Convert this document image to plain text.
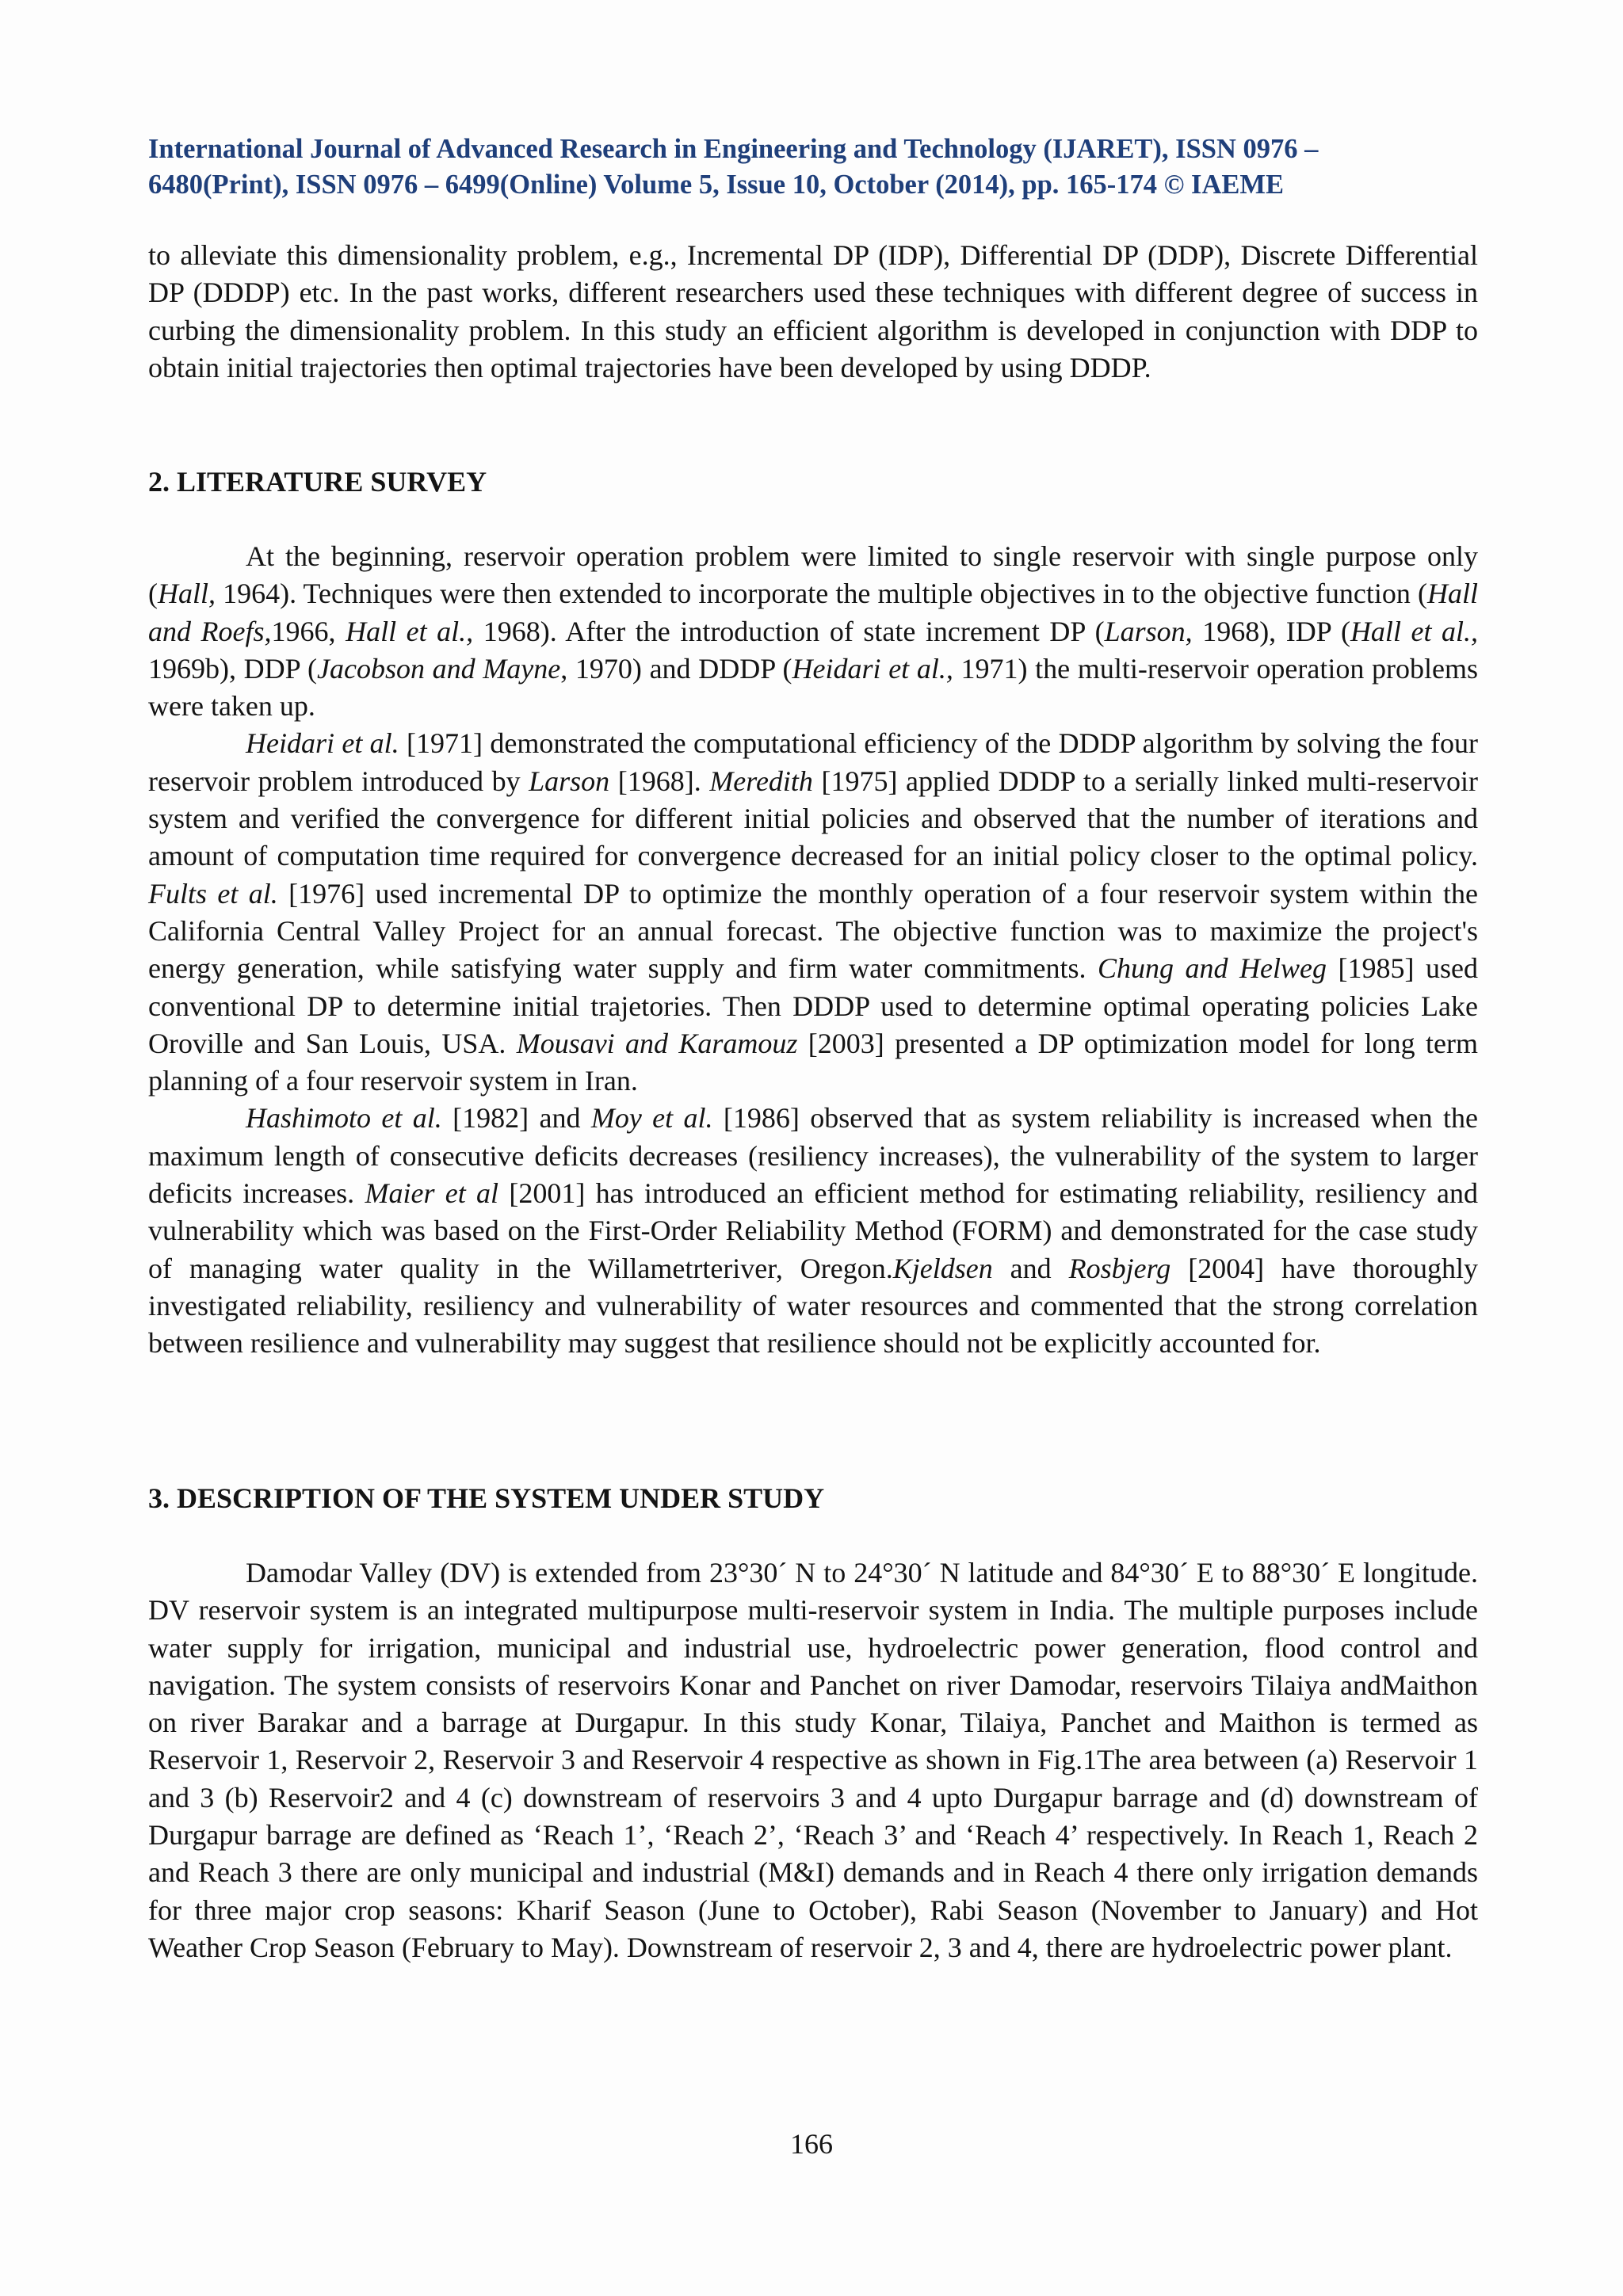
International Journal of Advanced Research in Engineering and Technology (IJARET), ISSN 0976 –
6480(Print), ISSN 0976 – 6499(Online) Volume 5, Issue 10, October (2014), pp. 165-174 © IAEME

to alleviate this dimensionality problem, e.g., Incremental DP (IDP), Differential DP (DDP), Discrete Differential DP (DDDP) etc. In the past works, different researchers used these techniques with different degree of success in curbing the dimensionality problem. In this study an efficient algorithm is developed in conjunction with DDP to obtain initial trajectories then optimal trajectories have been developed by using DDDP.

2. LITERATURE SURVEY

At the beginning, reservoir operation problem were limited to single reservoir with single purpose only (Hall, 1964). Techniques were then extended to incorporate the multiple objectives in to the objective function (Hall and Roefs,1966, Hall et al., 1968). After the introduction of state increment DP (Larson, 1968), IDP (Hall et al., 1969b), DDP (Jacobson and Mayne, 1970) and DDDP (Heidari et al., 1971) the multi-reservoir operation problems were taken up.

Heidari et al. [1971] demonstrated the computational efficiency of the DDDP algorithm by solving the four reservoir problem introduced by Larson [1968]. Meredith [1975] applied DDDP to a serially linked multi-reservoir system and verified the convergence for different initial policies and observed that the number of iterations and amount of computation time required for convergence decreased for an initial policy closer to the optimal policy. Fults et al. [1976] used incremental DP to optimize the monthly operation of a four reservoir system within the California Central Valley Project for an annual forecast. The objective function was to maximize the project's energy generation, while satisfying water supply and firm water commitments. Chung and Helweg [1985] used conventional DP to determine initial trajetories. Then DDDP used to determine optimal operating policies Lake Oroville and San Louis, USA. Mousavi and Karamouz [2003] presented a DP optimization model for long term planning of a four reservoir system in Iran.

Hashimoto et al. [1982] and Moy et al. [1986] observed that as system reliability is increased when the maximum length of consecutive deficits decreases (resiliency increases), the vulnerability of the system to larger deficits increases. Maier et al [2001] has introduced an efficient method for estimating reliability, resiliency and vulnerability which was based on the First-Order Reliability Method (FORM) and demonstrated for the case study of managing water quality in the Willametrteriver, Oregon.Kjeldsen and Rosbjerg [2004] have thoroughly investigated reliability, resiliency and vulnerability of water resources and commented that the strong correlation between resilience and vulnerability may suggest that resilience should not be explicitly accounted for.

3. DESCRIPTION OF THE SYSTEM UNDER STUDY

Damodar Valley (DV) is extended from 23°30´ N to 24°30´ N latitude and 84°30´ E to 88°30´ E longitude. DV reservoir system is an integrated multipurpose multi-reservoir system in India. The multiple purposes include water supply for irrigation, municipal and industrial use, hydroelectric power generation, flood control and navigation. The system consists of reservoirs Konar and Panchet on river Damodar, reservoirs Tilaiya andMaithon on river Barakar and a barrage at Durgapur. In this study Konar, Tilaiya, Panchet and Maithon is termed as Reservoir 1, Reservoir 2, Reservoir 3 and Reservoir 4 respective as shown in Fig.1The area between (a) Reservoir 1 and 3 (b) Reservoir2 and 4 (c) downstream of reservoirs 3 and 4 upto Durgapur barrage and (d) downstream of Durgapur barrage are defined as ‘Reach 1’, ‘Reach 2’, ‘Reach 3’ and ‘Reach 4’ respectively. In Reach 1, Reach 2 and Reach 3 there are only municipal and industrial (M&I) demands and in Reach 4 there only irrigation demands for three major crop seasons: Kharif Season (June to October), Rabi Season (November to January) and Hot Weather Crop Season (February to May). Downstream of reservoir 2, 3 and 4, there are hydroelectric power plant.

166
